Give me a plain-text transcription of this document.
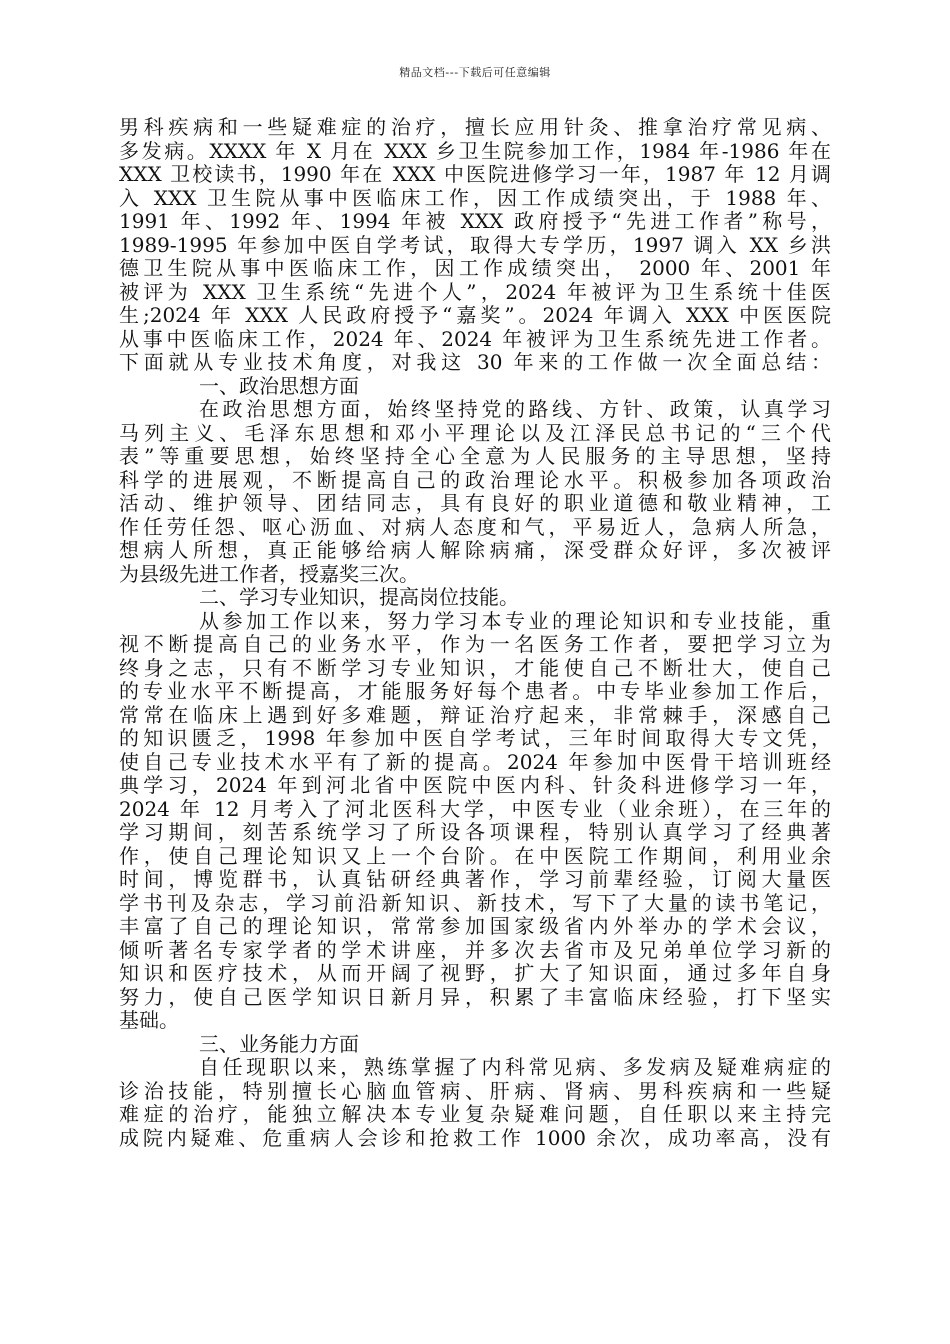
精品文档---下载后可任意编辑
男科疾病和一些疑难症的治疗，擅长应用针灸、推拿治疗常见病、
多发病。XXXX 年 X 月在 XXX 乡卫生院参加工作，1984 年-1986 年在
XXX 卫校读书，1990 年在 XXX 中医院进修学习一年，1987 年 12 月调
入 XXX 卫生院从事中医临床工作，因工作成绩突出，于 1988 年、
1991 年、1992 年、1994 年被 XXX 政府授予“先进工作者”称号，
1989-1995 年参加中医自学考试，取得大专学历，1997 调入 XX 乡洪
德卫生院从事中医临床工作，因工作成绩突出， 2000 年、2001 年
被评为 XXX 卫生系统“先进个人”，2024 年被评为卫生系统十佳医
生;2024 年 XXX 人民政府授予“嘉奖”。2024 年调入 XXX 中医医院
从事中医临床工作，2024 年、2024 年被评为卫生系统先进工作者。
下面就从专业技术角度，对我这 30 年来的工作做一次全面总结：
一、政治思想方面
在政治思想方面，始终坚持党的路线、方针、政策，认真学习
马列主义、毛泽东思想和邓小平理论以及江泽民总书记的“三个代
表”等重要思想，始终坚持全心全意为人民服务的主导思想，坚持
科学的进展观，不断提高自己的政治理论水平。积极参加各项政治
活动、维护领导、团结同志，具有良好的职业道德和敬业精神，工
作任劳任怨、呕心沥血、对病人态度和气，平易近人，急病人所急，
想病人所想，真正能够给病人解除病痛，深受群众好评，多次被评
为县级先进工作者，授嘉奖三次。
二、学习专业知识，提高岗位技能。
从参加工作以来，努力学习本专业的理论知识和专业技能，重
视不断提高自己的业务水平，作为一名医务工作者，要把学习立为
终身之志，只有不断学习专业知识，才能使自己不断壮大，使自己
的专业水平不断提高，才能服务好每个患者。中专毕业参加工作后，
常常在临床上遇到好多难题，辩证治疗起来，非常棘手，深感自己
的知识匮乏，1998 年参加中医自学考试，三年时间取得大专文凭，
使自己专业技术水平有了新的提高。2024 年参加中医骨干培训班经
典学习，2024 年到河北省中医院中医内科、针灸科进修学习一年，
2024 年 12 月考入了河北医科大学，中医专业（业余班），在三年的
学习期间，刻苦系统学习了所设各项课程，特别认真学习了经典著
作，使自己理论知识又上一个台阶。在中医院工作期间，利用业余
时间，博览群书，认真钻研经典著作，学习前辈经验，订阅大量医
学书刊及杂志，学习前沿新知识、新技术，写下了大量的读书笔记，
丰富了自己的理论知识，常常参加国家级省内外举办的学术会议，
倾听著名专家学者的学术讲座，并多次去省市及兄弟单位学习新的
知识和医疗技术，从而开阔了视野，扩大了知识面，通过多年自身
努力，使自己医学知识日新月异，积累了丰富临床经验，打下坚实
基础。
三、业务能力方面
自任现职以来，熟练掌握了内科常见病、多发病及疑难病症的
诊治技能，特别擅长心脑血管病、肝病、肾病、男科疾病和一些疑
难症的治疗，能独立解决本专业复杂疑难问题，自任职以来主持完
成院内疑难、危重病人会诊和抢救工作 1000 余次，成功率高，没有
